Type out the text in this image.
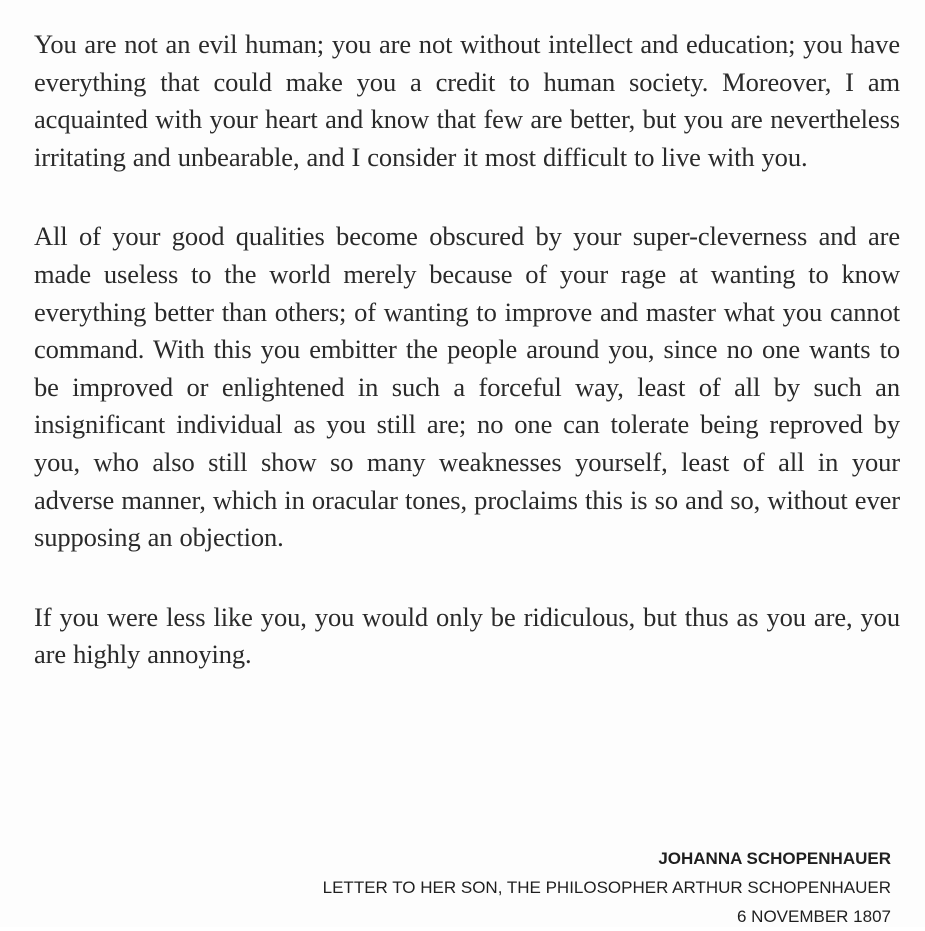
You are not an evil human; you are not without intellect and education; you have everything that could make you a credit to human society. Moreover, I am acquainted with your heart and know that few are better, but you are nevertheless irritating and unbearable, and I consider it most difficult to live with you.

All of your good qualities become obscured by your super-cleverness and are made useless to the world merely because of your rage at wanting to know everything better than others; of wanting to improve and master what you cannot command. With this you embitter the people around you, since no one wants to be improved or enlightened in such a forceful way, least of all by such an insignificant individual as you still are; no one can tolerate being reproved by you, who also still show so many weaknesses yourself, least of all in your adverse manner, which in oracular tones, proclaims this is so and so, without ever supposing an objection.

If you were less like you, you would only be ridiculous, but thus as you are, you are highly annoying.

JOHANNA SCHOPENHAUER
LETTER TO HER SON, THE PHILOSOPHER ARTHUR SCHOPENHAUER
6 NOVEMBER 1807
